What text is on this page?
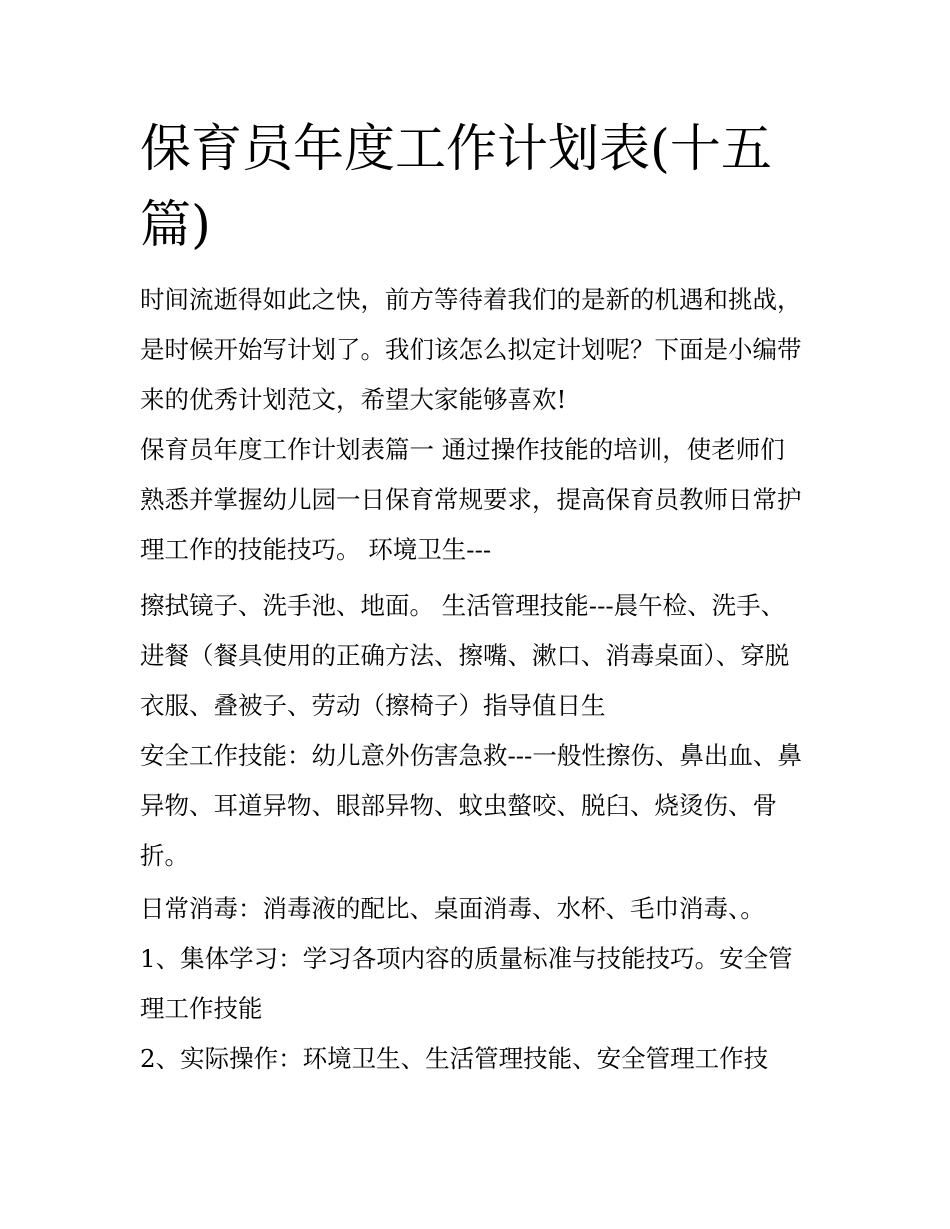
保育员年度工作计划表(十五
篇)
时间流逝得如此之快，前方等待着我们的是新的机遇和挑战，
是时候开始写计划了。我们该怎么拟定计划呢？下面是小编带
来的优秀计划范文，希望大家能够喜欢!
保育员年度工作计划表篇一 通过操作技能的培训，使老师们
熟悉并掌握幼儿园一日保育常规要求，提高保育员教师日常护
理工作的技能技巧。 环境卫生---
擦拭镜子、洗手池、地面。 生活管理技能---晨午检、洗手、
进餐（餐具使用的正确方法、擦嘴、漱口、消毒桌面）、穿脱
衣服、叠被子、劳动（擦椅子）指导值日生
安全工作技能：幼儿意外伤害急救---一般性擦伤、鼻出血、鼻
异物、耳道异物、眼部异物、蚊虫螫咬、脱臼、烧烫伤、骨
折。
日常消毒：消毒液的配比、桌面消毒、水杯、毛巾消毒、。
1、集体学习：学习各项内容的质量标准与技能技巧。安全管
理工作技能
2、实际操作：环境卫生、生活管理技能、安全管理工作技
